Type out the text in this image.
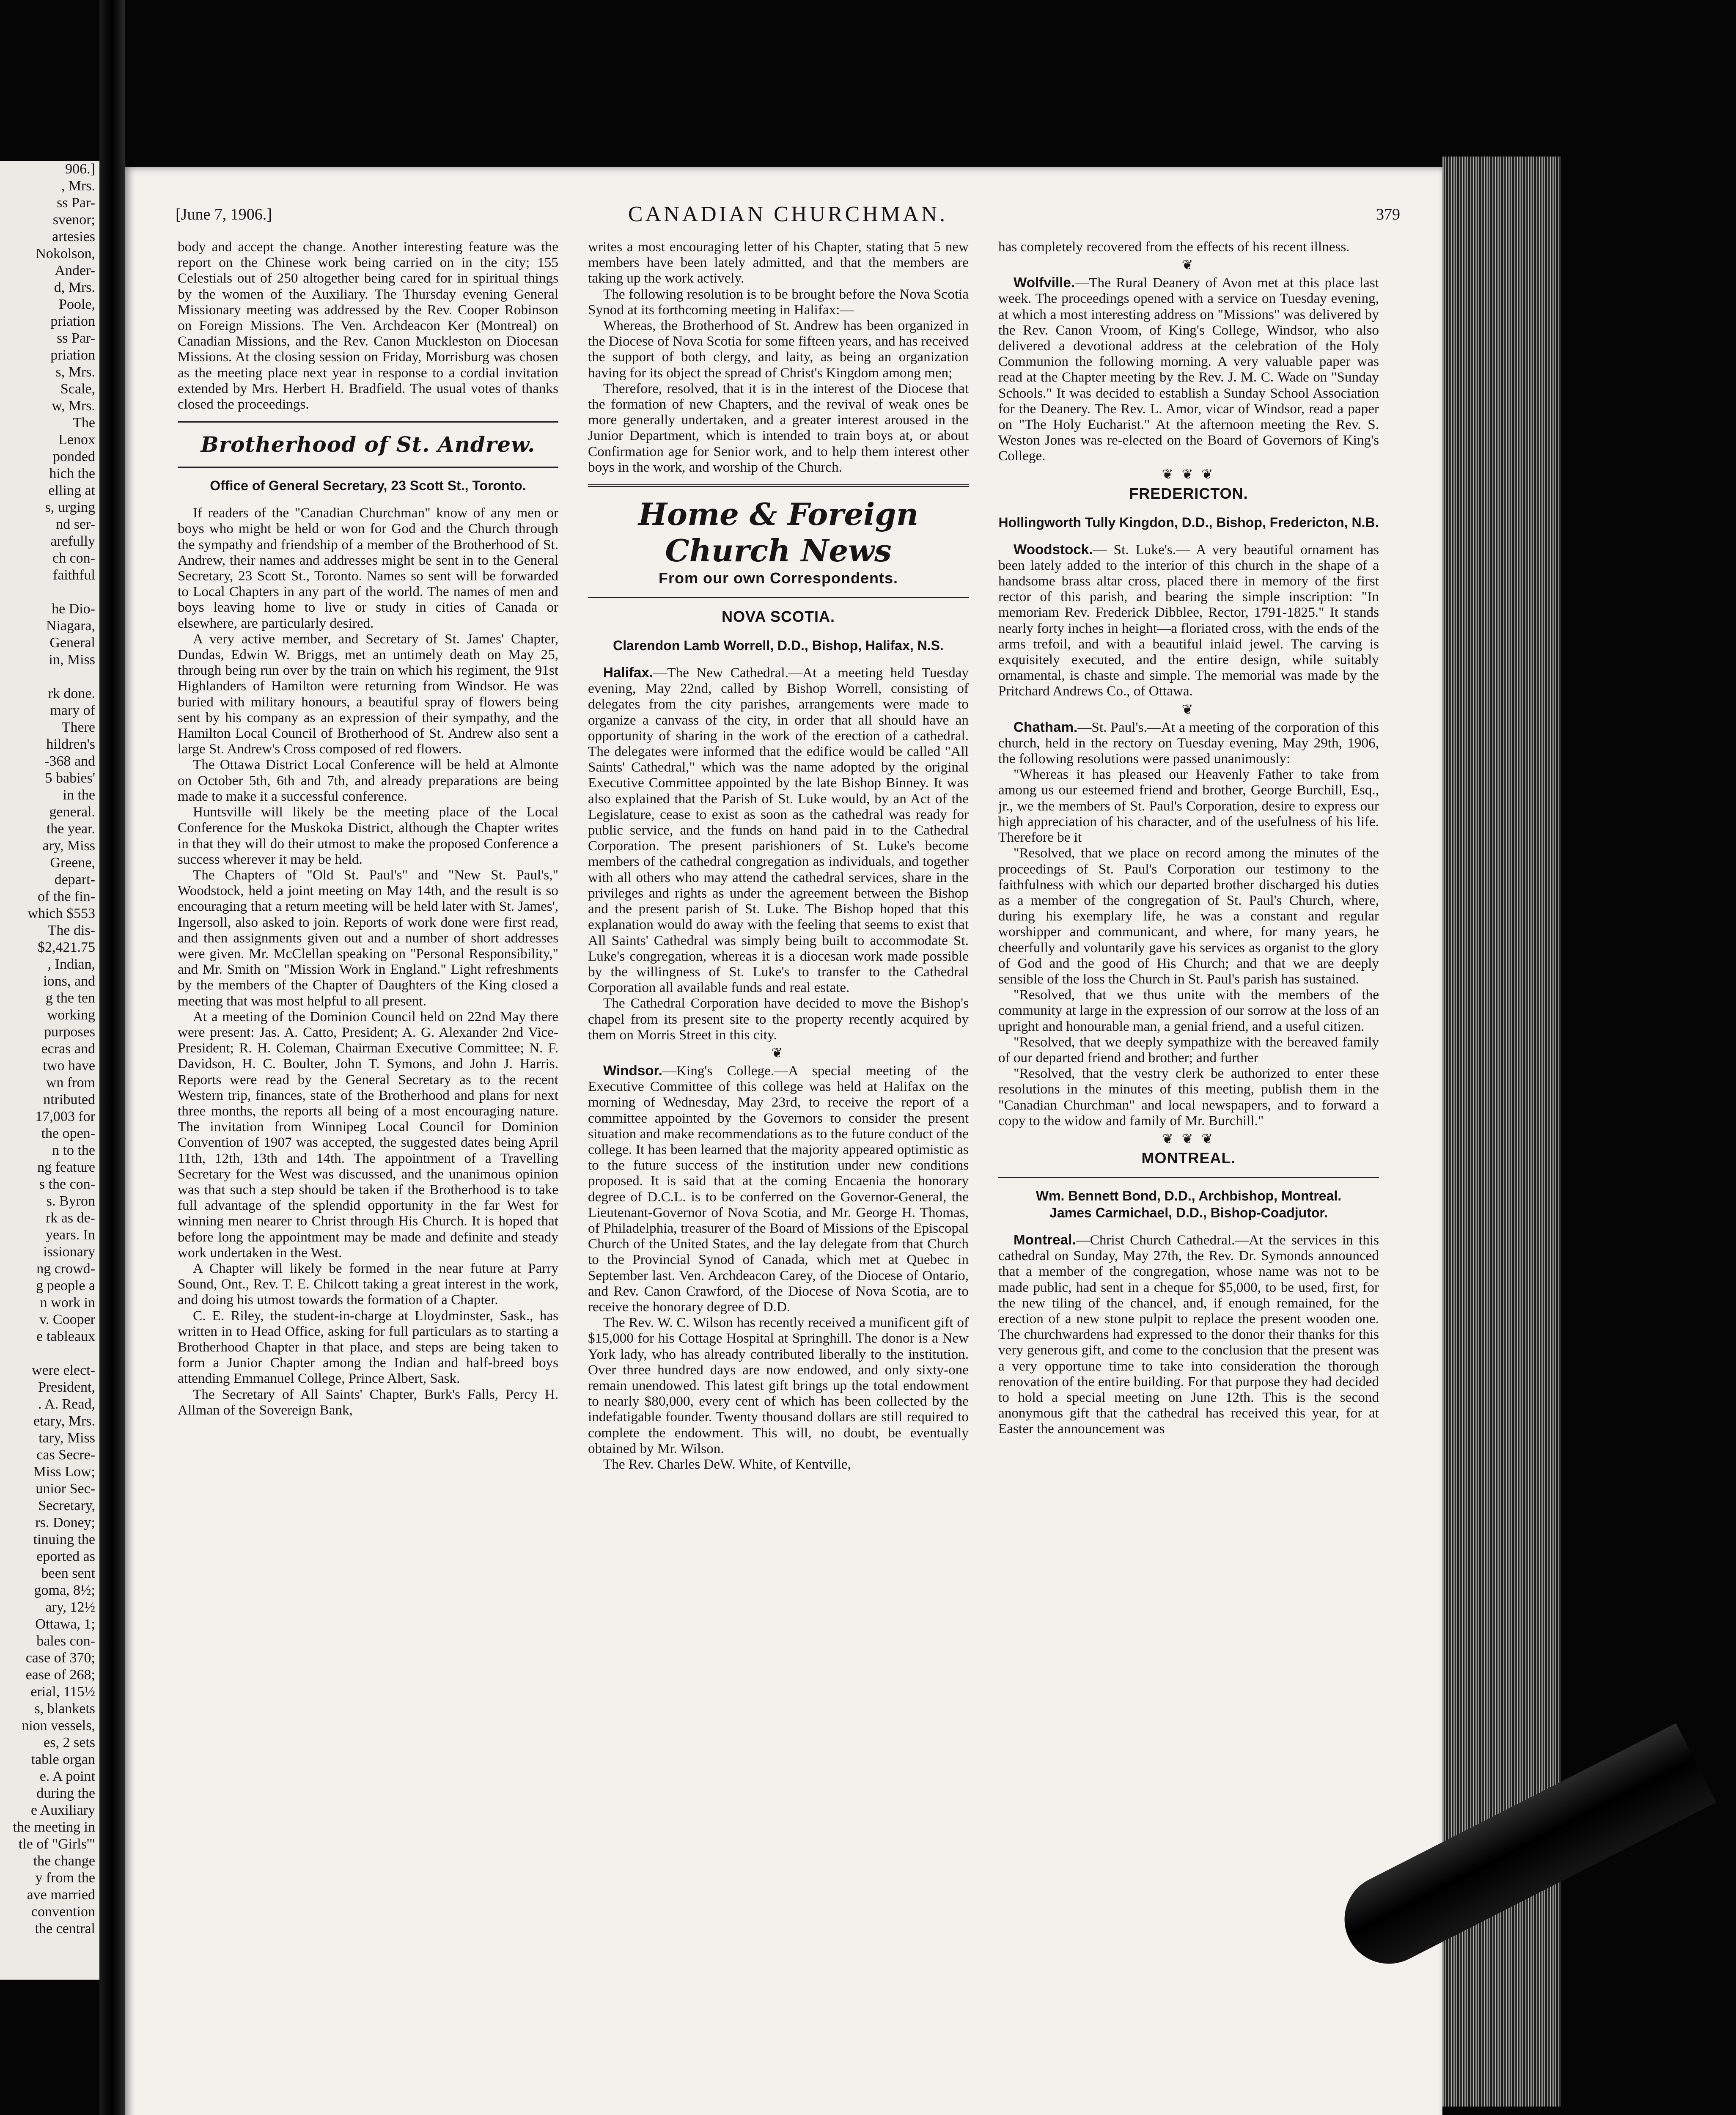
906.]
, Mrs.
ss Par-
svenor;
artesies
Nokolson,
Ander-
d, Mrs.
Poole,
priation
ss Par-
priation
s, Mrs.
Scale,
w, Mrs.
The
Lenox
ponded
hich the
elling at
s, urging
nd ser-
arefully
ch con-
faithful

he Dio-
Niagara,
General
in, Miss

rk done.
mary of
There
hildren's
-368 and
5 babies'
in the
general.
the year.
ary, Miss
Greene,
depart-
of the fin-
which $553
The dis-
$2,421.75
, Indian,
ions, and
g the ten
working
purposes
ecras and
two have
wn from
ntributed
17,003 for
the open-
n to the
ng feature
s the con-
s. Byron
rk as de-
years. In
issionary
ng crowd-
g people a
n work in
v. Cooper
e tableaux

were elect-
President,
. A. Read,
etary, Mrs.
tary, Miss
cas Secre-
Miss Low;
unior Sec-
Secretary,
rs. Doney;
tinuing the
eported as
been sent
goma, 8½;
ary, 12½
Ottawa, 1;
bales con-
case of 370;
ease of 268;
erial, 115½
s, blankets
nion vessels,
es, 2 sets
table organ
e. A point
during the
e Auxiliary
the meeting in
tle of "Girls'"
the change
y from the
ave married
convention
the central
[June 7, 1906.]	CANADIAN CHURCHMAN.	379

body and accept the change. Another interesting feature was the report on the Chinese work being carried on in the city; 155 Celestials out of 250 altogether being cared for in spiritual things by the women of the Auxiliary. The Thursday evening General Missionary meeting was addressed by the Rev. Cooper Robinson on Foreign Missions. The Ven. Archdeacon Ker (Montreal) on Canadian Missions, and the Rev. Canon Muckleston on Diocesan Missions. At the closing session on Friday, Morrisburg was chosen as the meeting place next year in response to a cordial invitation extended by Mrs. Herbert H. Bradfield. The usual votes of thanks closed the proceedings.

Brotherhood of St. Andrew.
Office of General Secretary, 23 Scott St., Toronto.

If readers of the "Canadian Churchman" know of any men or boys who might be held or won for God and the Church through the sympathy and friendship of a member of the Brotherhood of St. Andrew, their names and addresses might be sent in to the General Secretary, 23 Scott St., Toronto. Names so sent will be forwarded to Local Chapters in any part of the world. The names of men and boys leaving home to live or study in cities of Canada or elsewhere, are particularly desired.

A very active member, and Secretary of St. James' Chapter, Dundas, Edwin W. Briggs, met an untimely death on May 25, through being run over by the train on which his regiment, the 91st Highlanders of Hamilton were returning from Windsor. He was buried with military honours, a beautiful spray of flowers being sent by his company as an expression of their sympathy, and the Hamilton Local Council of Brotherhood of St. Andrew also sent a large St. Andrew's Cross composed of red flowers.

The Ottawa District Local Conference will be held at Almonte on October 5th, 6th and 7th, and already preparations are being made to make it a successful conference.

Huntsville will likely be the meeting place of the Local Conference for the Muskoka District, although the Chapter writes in that they will do their utmost to make the proposed Conference a success wherever it may be held.

The Chapters of "Old St. Paul's" and "New St. Paul's," Woodstock, held a joint meeting on May 14th, and the result is so encouraging that a return meeting will be held later with St. James', Ingersoll, also asked to join. Reports of work done were first read, and then assignments given out and a number of short addresses were given. Mr. McClellan speaking on "Personal Responsibility," and Mr. Smith on "Mission Work in England." Light refreshments by the members of the Chapter of Daughters of the King closed a meeting that was most helpful to all present.

At a meeting of the Dominion Council held on 22nd May there were present: Jas. A. Catto, President; A. G. Alexander 2nd Vice-President; R. H. Coleman, Chairman Executive Committee; N. F. Davidson, H. C. Boulter, John T. Symons, and John J. Harris. Reports were read by the General Secretary as to the recent Western trip, finances, state of the Brotherhood and plans for next three months, the reports all being of a most encouraging nature. The invitation from Winnipeg Local Council for Dominion Convention of 1907 was accepted, the suggested dates being April 11th, 12th, 13th and 14th. The appointment of a Travelling Secretary for the West was discussed, and the unanimous opinion was that such a step should be taken if the Brotherhood is to take full advantage of the splendid opportunity in the far West for winning men nearer to Christ through His Church. It is hoped that before long the appointment may be made and definite and steady work undertaken in the West.

A Chapter will likely be formed in the near future at Parry Sound, Ont., Rev. T. E. Chilcott taking a great interest in the work, and doing his utmost towards the formation of a Chapter.

C. E. Riley, the student-in-charge at Lloydminster, Sask., has written in to Head Office, asking for full particulars as to starting a Brotherhood Chapter in that place, and steps are being taken to form a Junior Chapter among the Indian and half-breed boys attending Emmanuel College, Prince Albert, Sask.

The Secretary of All Saints' Chapter, Burk's Falls, Percy H. Allman of the Sovereign Bank,

writes a most encouraging letter of his Chapter, stating that 5 new members have been lately admitted, and that the members are taking up the work actively.

The following resolution is to be brought before the Nova Scotia Synod at its forthcoming meeting in Halifax:—

Whereas, the Brotherhood of St. Andrew has been organized in the Diocese of Nova Scotia for some fifteen years, and has received the support of both clergy, and laity, as being an organization having for its object the spread of Christ's Kingdom among men;

Therefore, resolved, that it is in the interest of the Diocese that the formation of new Chapters, and the revival of weak ones be more generally undertaken, and a greater interest aroused in the Junior Department, which is intended to train boys at, or about Confirmation age for Senior work, and to help them interest other boys in the work, and worship of the Church.

Home & Foreign Church News
From our own Correspondents.
NOVA SCOTIA.
Clarendon Lamb Worrell, D.D., Bishop, Halifax, N.S.

Halifax.—The New Cathedral.—At a meeting held Tuesday evening, May 22nd, called by Bishop Worrell, consisting of delegates from the city parishes, arrangements were made to organize a canvass of the city, in order that all should have an opportunity of sharing in the work of the erection of a cathedral. The delegates were informed that the edifice would be called "All Saints' Cathedral," which was the name adopted by the original Executive Committee appointed by the late Bishop Binney. It was also explained that the Parish of St. Luke would, by an Act of the Legislature, cease to exist as soon as the cathedral was ready for public service, and the funds on hand paid in to the Cathedral Corporation. The present parishioners of St. Luke's become members of the cathedral congregation as individuals, and together with all others who may attend the cathedral services, share in the privileges and rights as under the agreement between the Bishop and the present parish of St. Luke. The Bishop hoped that this explanation would do away with the feeling that seems to exist that All Saints' Cathedral was simply being built to accommodate St. Luke's congregation, whereas it is a diocesan work made possible by the willingness of St. Luke's to transfer to the Cathedral Corporation all available funds and real estate.

The Cathedral Corporation have decided to move the Bishop's chapel from its present site to the property recently acquired by them on Morris Street in this city.

❦

Windsor.—King's College.—A special meeting of the Executive Committee of this college was held at Halifax on the morning of Wednesday, May 23rd, to receive the report of a committee appointed by the Governors to consider the present situation and make recommendations as to the future conduct of the college. It has been learned that the majority appeared optimistic as to the future success of the institution under new conditions proposed. It is said that at the coming Encaenia the honorary degree of D.C.L. is to be conferred on the Governor-General, the Lieutenant-Governor of Nova Scotia, and Mr. George H. Thomas, of Philadelphia, treasurer of the Board of Missions of the Episcopal Church of the United States, and the lay delegate from that Church to the Provincial Synod of Canada, which met at Quebec in September last. Ven. Archdeacon Carey, of the Diocese of Ontario, and Rev. Canon Crawford, of the Diocese of Nova Scotia, are to receive the honorary degree of D.D.

The Rev. W. C. Wilson has recently received a munificent gift of $15,000 for his Cottage Hospital at Springhill. The donor is a New York lady, who has already contributed liberally to the institution. Over three hundred days are now endowed, and only sixty-one remain unendowed. This latest gift brings up the total endowment to nearly $80,000, every cent of which has been collected by the indefatigable founder. Twenty thousand dollars are still required to complete the endowment. This will, no doubt, be eventually obtained by Mr. Wilson.

The Rev. Charles DeW. White, of Kentville,

has completely recovered from the effects of his recent illness.

❦

Wolfville.—The Rural Deanery of Avon met at this place last week. The proceedings opened with a service on Tuesday evening, at which a most interesting address on "Missions" was delivered by the Rev. Canon Vroom, of King's College, Windsor, who also delivered a devotional address at the celebration of the Holy Communion the following morning. A very valuable paper was read at the Chapter meeting by the Rev. J. M. C. Wade on "Sunday Schools." It was decided to establish a Sunday School Association for the Deanery. The Rev. L. Amor, vicar of Windsor, read a paper on "The Holy Eucharist." At the afternoon meeting the Rev. S. Weston Jones was re-elected on the Board of Governors of King's College.

❦ ❦ ❦
FREDERICTON.
Hollingworth Tully Kingdon, D.D., Bishop, Fredericton, N.B.

Woodstock.— St. Luke's.— A very beautiful ornament has been lately added to the interior of this church in the shape of a handsome brass altar cross, placed there in memory of the first rector of this parish, and bearing the simple inscription: "In memoriam Rev. Frederick Dibblee, Rector, 1791-1825." It stands nearly forty inches in height—a floriated cross, with the ends of the arms trefoil, and with a beautiful inlaid jewel. The carving is exquisitely executed, and the entire design, while suitably ornamental, is chaste and simple. The memorial was made by the Pritchard Andrews Co., of Ottawa.

❦

Chatham.—St. Paul's.—At a meeting of the corporation of this church, held in the rectory on Tuesday evening, May 29th, 1906, the following resolutions were passed unanimously:

"Whereas it has pleased our Heavenly Father to take from among us our esteemed friend and brother, George Burchill, Esq., jr., we the members of St. Paul's Corporation, desire to express our high appreciation of his character, and of the usefulness of his life. Therefore be it

"Resolved, that we place on record among the minutes of the proceedings of St. Paul's Corporation our testimony to the faithfulness with which our departed brother discharged his duties as a member of the congregation of St. Paul's Church, where, during his exemplary life, he was a constant and regular worshipper and communicant, and where, for many years, he cheerfully and voluntarily gave his services as organist to the glory of God and the good of His Church; and that we are deeply sensible of the loss the Church in St. Paul's parish has sustained.

"Resolved, that we thus unite with the members of the community at large in the expression of our sorrow at the loss of an upright and honourable man, a genial friend, and a useful citizen.

"Resolved, that we deeply sympathize with the bereaved family of our departed friend and brother; and further

"Resolved, that the vestry clerk be authorized to enter these resolutions in the minutes of this meeting, publish them in the "Canadian Churchman" and local newspapers, and to forward a copy to the widow and family of Mr. Burchill."

❦ ❦ ❦
MONTREAL.
Wm. Bennett Bond, D.D., Archbishop, Montreal.
James Carmichael, D.D., Bishop-Coadjutor.

Montreal.—Christ Church Cathedral.—At the services in this cathedral on Sunday, May 27th, the Rev. Dr. Symonds announced that a member of the congregation, whose name was not to be made public, had sent in a cheque for $5,000, to be used, first, for the new tiling of the chancel, and, if enough remained, for the erection of a new stone pulpit to replace the present wooden one. The churchwardens had expressed to the donor their thanks for this very generous gift, and come to the conclusion that the present was a very opportune time to take into consideration the thorough renovation of the entire building. For that purpose they had decided to hold a special meeting on June 12th. This is the second anonymous gift that the cathedral has received this year, for at Easter the announcement was
